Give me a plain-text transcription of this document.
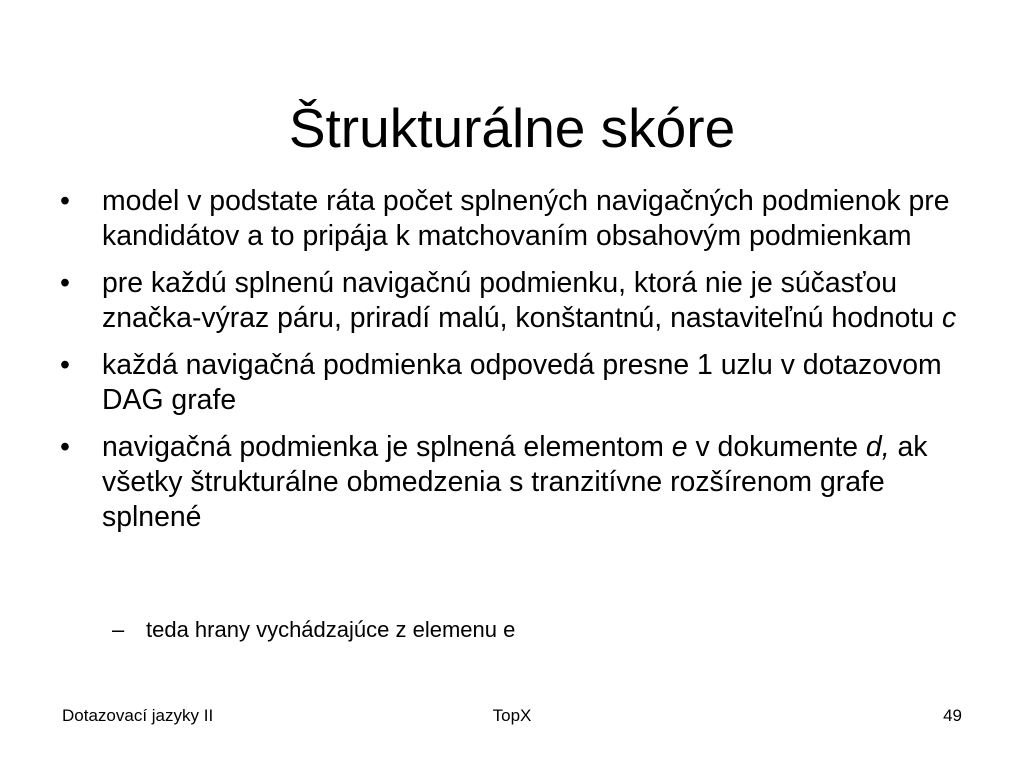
Štrukturálne skóre
•	model v podstate ráta počet splnených navigačných podmienok pre kandidátov a to pripája k matchovaním obsahovým podmienkam
•	pre každú splnenú navigačnú podmienku, ktorá nie je súčasťou značka-výraz páru, priradí malú, konštantnú, nastaviteľnú hodnotu c
•	každá navigačná podmienka odpovedá presne 1 uzlu v dotazovom DAG grafe
•	navigačná podmienka je splnená elementom e v dokumente d, ak všetky štrukturálne obmedzenia s tranzitívne rozšírenom grafe splnené
– teda hrany vychádzajúce z elemenu e
Dotazovací jazyky II	TopX	49
